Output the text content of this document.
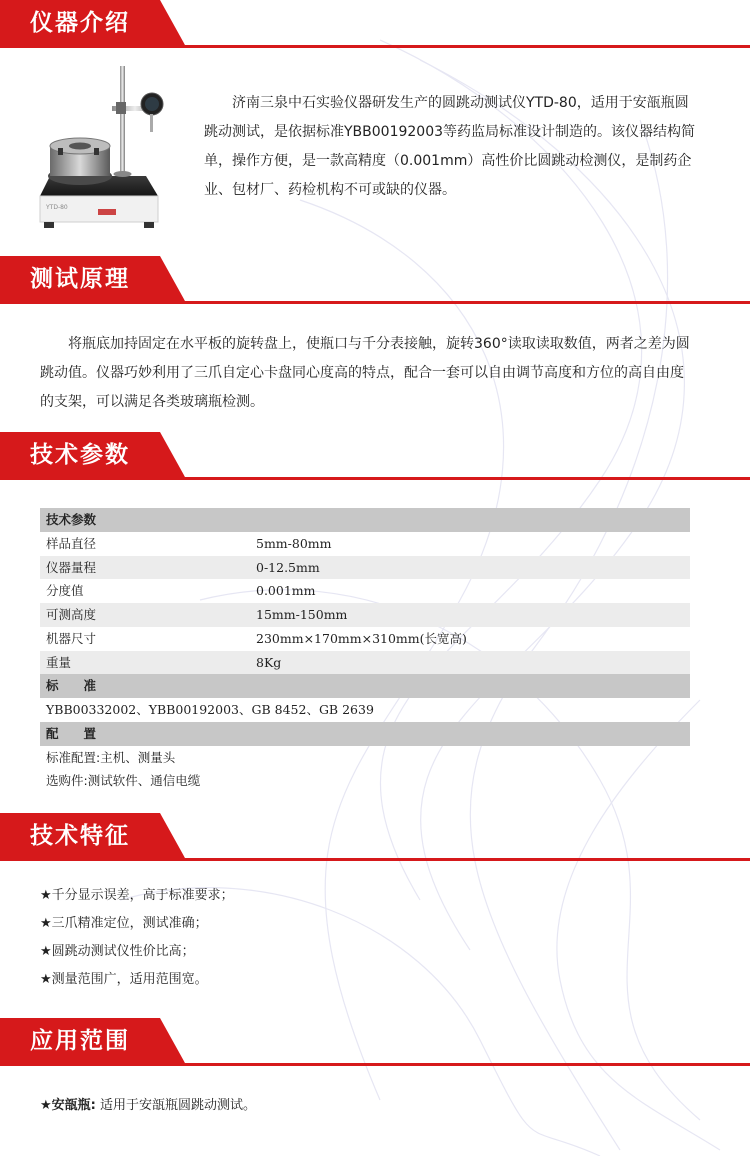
仪器介绍
YTD-80
济南三泉中石实验仪器研发生产的圆跳动测试仪YTD-80，适用于安瓿瓶圆跳动测试，是依据标准YBB00192003等药监局标准设计制造的。该仪器结构简单，操作方便，是一款高精度（0.001mm）高性价比圆跳动检测仪，是制药企业、包材厂、药检机构不可或缺的仪器。
测试原理
将瓶底加持固定在水平板的旋转盘上，使瓶口与千分表接触，旋转360°读取读取数值，两者之差为圆跳动值。仪器巧妙利用了三爪自定心卡盘同心度高的特点，配合一套可以自由调节高度和方位的高自由度的支架，可以满足各类玻璃瓶检测。
技术参数
技术参数
样品直径	5mm-80mm
仪器量程	0-12.5mm
分度值	0.001mm
可测高度	15mm-150mm
机器尺寸	230mm×170mm×310mm(长宽高)
重量	8Kg
标　　准
YBB00332002、YBB00192003、GB 8452、GB 2639
配　　置
标准配置:主机、测量头
选购件:测试软件、通信电缆
技术特征
★千分显示误差，高于标准要求；
★三爪精准定位，测试准确；
★圆跳动测试仪性价比高；
★测量范围广，适用范围宽。
应用范围
★安瓿瓶: 适用于安瓿瓶圆跳动测试。
